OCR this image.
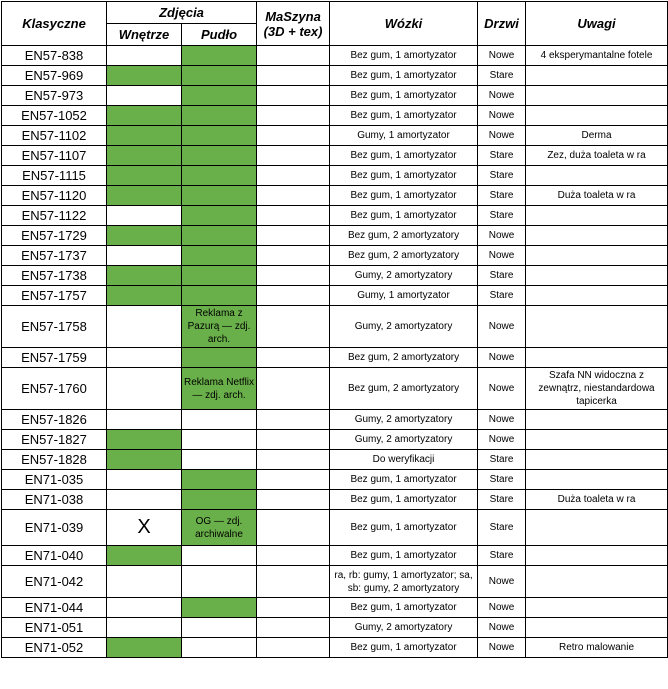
Klasyczne	Zdjęcia		MaSzyna (3D + tex)	Wózki	Drzwi	Uwagi
	Wnętrze	Pudło				
EN57-838				Bez gum, 1 amortyzator	Nowe	4 eksperymantalne fotele
EN57-969				Bez gum, 1 amortyzator	Stare	
EN57-973				Bez gum, 1 amortyzator	Nowe	
EN57-1052				Bez gum, 1 amortyzator	Nowe	
EN57-1102				Gumy, 1 amortyzator	Nowe	Derma
EN57-1107				Bez gum, 1 amortyzator	Stare	Zez, duża toaleta w ra
EN57-1115				Bez gum, 1 amortyzator	Stare	
EN57-1120				Bez gum, 1 amortyzator	Stare	Duża toaleta w ra
EN57-1122				Bez gum, 1 amortyzator	Stare	
EN57-1729				Bez gum, 2 amortyzatory	Nowe	
EN57-1737				Bez gum, 2 amortyzatory	Nowe	
EN57-1738				Gumy, 2 amortyzatory	Stare	
EN57-1757				Gumy, 1 amortyzator	Stare	
EN57-1758		Reklama z Pazurą — zdj. arch.		Gumy, 2 amortyzatory	Nowe	
EN57-1759				Bez gum, 2 amortyzatory	Nowe	
EN57-1760		Reklama Netflix — zdj. arch.		Bez gum, 2 amortyzatory	Nowe	Szafa NN widoczna z zewnątrz, niestandardowa tapicerka
EN57-1826				Gumy, 2 amortyzatory	Nowe	
EN57-1827				Gumy, 2 amortyzatory	Nowe	
EN57-1828				Do weryfikacji	Stare	
EN71-035				Bez gum, 1 amortyzator	Stare	
EN71-038				Bez gum, 1 amortyzator	Stare	Duża toaleta w ra
EN71-039	X	OG — zdj. archiwalne		Bez gum, 1 amortyzator	Stare	
EN71-040				Bez gum, 1 amortyzator	Stare	
EN71-042				ra, rb: gumy, 1 amortyzator; sa, sb: gumy, 2 amortyzatory	Nowe	
EN71-044				Bez gum, 1 amortyzator	Nowe	
EN71-051				Gumy, 2 amortyzatory	Nowe	
EN71-052				Bez gum, 1 amortyzator	Nowe	Retro malowanie
